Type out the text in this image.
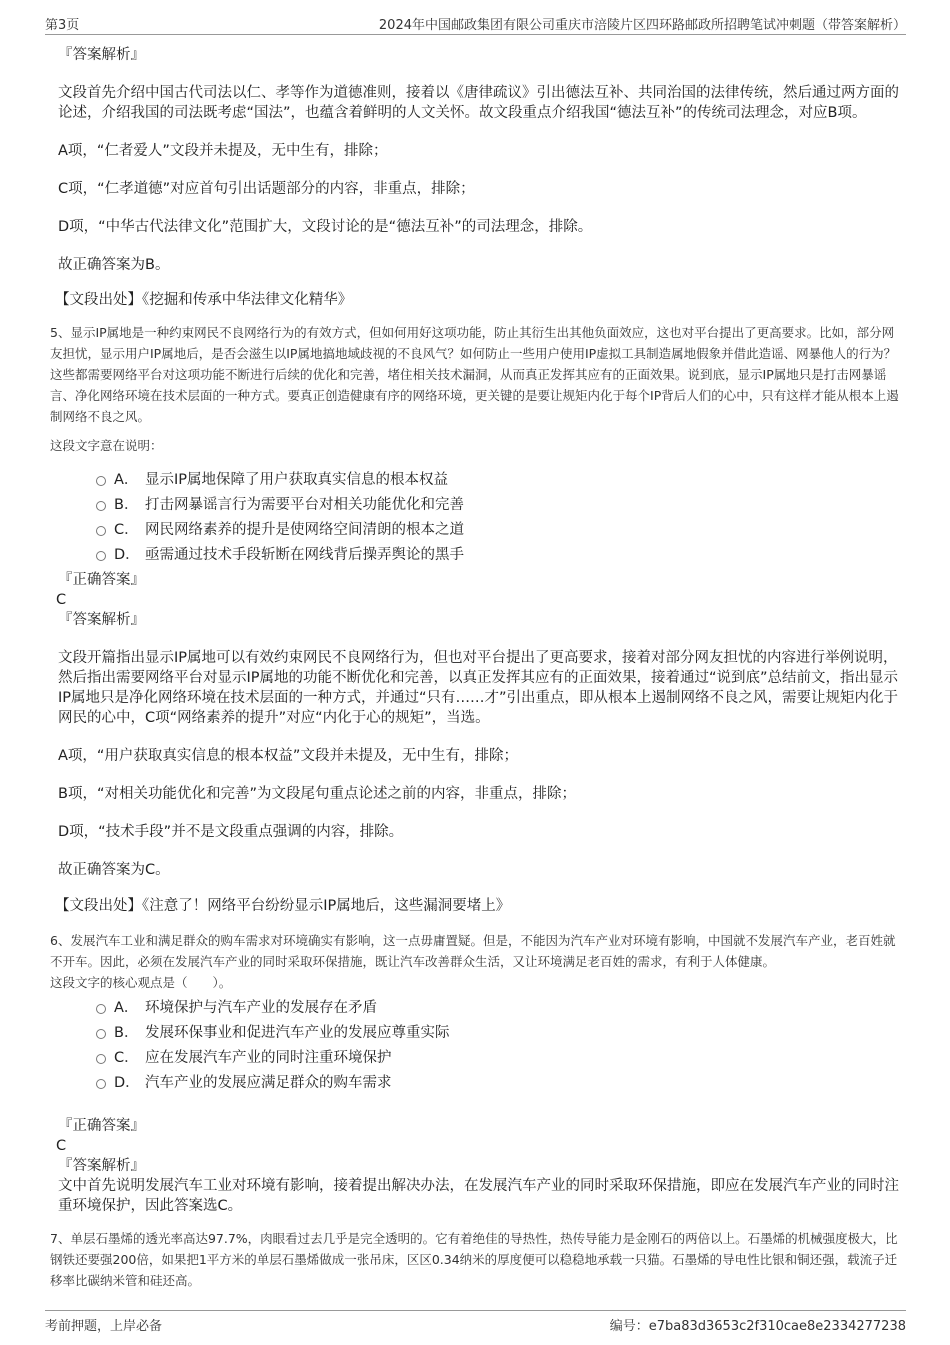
第3页	2024年中国邮政集团有限公司重庆市涪陵片区四环路邮政所招聘笔试冲刺题（带答案解析）
『答案解析』
文段首先介绍中国古代司法以仁、孝等作为道德准则，接着以《唐律疏议》引出德法互补、共同治国的法律传统，然后通过两方面的论述，介绍我国的司法既考虑“国法”，也蕴含着鲜明的人文关怀。故文段重点介绍我国“德法互补”的传统司法理念，对应B项。
A项，“仁者爱人”文段并未提及，无中生有，排除；
C项，“仁孝道德”对应首句引出话题部分的内容，非重点，排除；
D项，“中华古代法律文化”范围扩大，文段讨论的是“德法互补”的司法理念，排除。
故正确答案为B。
【文段出处】《挖掘和传承中华法律文化精华》
5、显示IP属地是一种约束网民不良网络行为的有效方式，但如何用好这项功能，防止其衍生出其他负面效应，这也对平台提出了更高要求。比如，部分网友担忧，显示用户IP属地后，是否会滋生以IP属地搞地域歧视的不良风气？如何防止一些用户使用IP虚拟工具制造属地假象并借此造谣、网暴他人的行为？这些都需要网络平台对这项功能不断进行后续的优化和完善，堵住相关技术漏洞，从而真正发挥其应有的正面效果。说到底，显示IP属地只是打击网暴谣言、净化网络环境在技术层面的一种方式。要真正创造健康有序的网络环境，更关键的是要让规矩内化于每个IP背后人们的心中，只有这样才能从根本上遏制网络不良之风。
这段文字意在说明：
A． 显示IP属地保障了用户获取真实信息的根本权益
B． 打击网暴谣言行为需要平台对相关功能优化和完善
C． 网民网络素养的提升是使网络空间清朗的根本之道
D． 亟需通过技术手段斩断在网线背后操弄舆论的黑手
『正确答案』
C
『答案解析』
文段开篇指出显示IP属地可以有效约束网民不良网络行为，但也对平台提出了更高要求，接着对部分网友担忧的内容进行举例说明，然后指出需要网络平台对显示IP属地的功能不断优化和完善，以真正发挥其应有的正面效果，接着通过“说到底”总结前文，指出显示IP属地只是净化网络环境在技术层面的一种方式，并通过“只有……才”引出重点，即从根本上遏制网络不良之风，需要让规矩内化于网民的心中，C项“网络素养的提升”对应“内化于心的规矩”，当选。
A项，“用户获取真实信息的根本权益”文段并未提及，无中生有，排除；
B项，“对相关功能优化和完善”为文段尾句重点论述之前的内容，非重点，排除；
D项，“技术手段”并不是文段重点强调的内容，排除。
故正确答案为C。
【文段出处】《注意了！网络平台纷纷显示IP属地后，这些漏洞要堵上》
6、发展汽车工业和满足群众的购车需求对环境确实有影响，这一点毋庸置疑。但是，不能因为汽车产业对环境有影响，中国就不发展汽车产业，老百姓就不开车。因此，必须在发展汽车产业的同时采取环保措施，既让汽车改善群众生活，又让环境满足老百姓的需求，有利于人体健康。
这段文字的核心观点是（　　）。
A． 环境保护与汽车产业的发展存在矛盾
B． 发展环保事业和促进汽车产业的发展应尊重实际
C． 应在发展汽车产业的同时注重环境保护
D． 汽车产业的发展应满足群众的购车需求
『正确答案』
C
『答案解析』
文中首先说明发展汽车工业对环境有影响，接着提出解决办法，在发展汽车产业的同时采取环保措施，即应在发展汽车产业的同时注重环境保护，因此答案选C。
7、单层石墨烯的透光率高达97.7%，肉眼看过去几乎是完全透明的。它有着绝佳的导热性，热传导能力是金刚石的两倍以上。石墨烯的机械强度极大，比钢铁还要强200倍，如果把1平方米的单层石墨烯做成一张吊床，区区0.34纳米的厚度便可以稳稳地承载一只猫。石墨烯的导电性比银和铜还强，载流子迁移率比碳纳米管和硅还高。
考前押题，上岸必备	编号：e7ba83d3653c2f310cae8e2334277238
